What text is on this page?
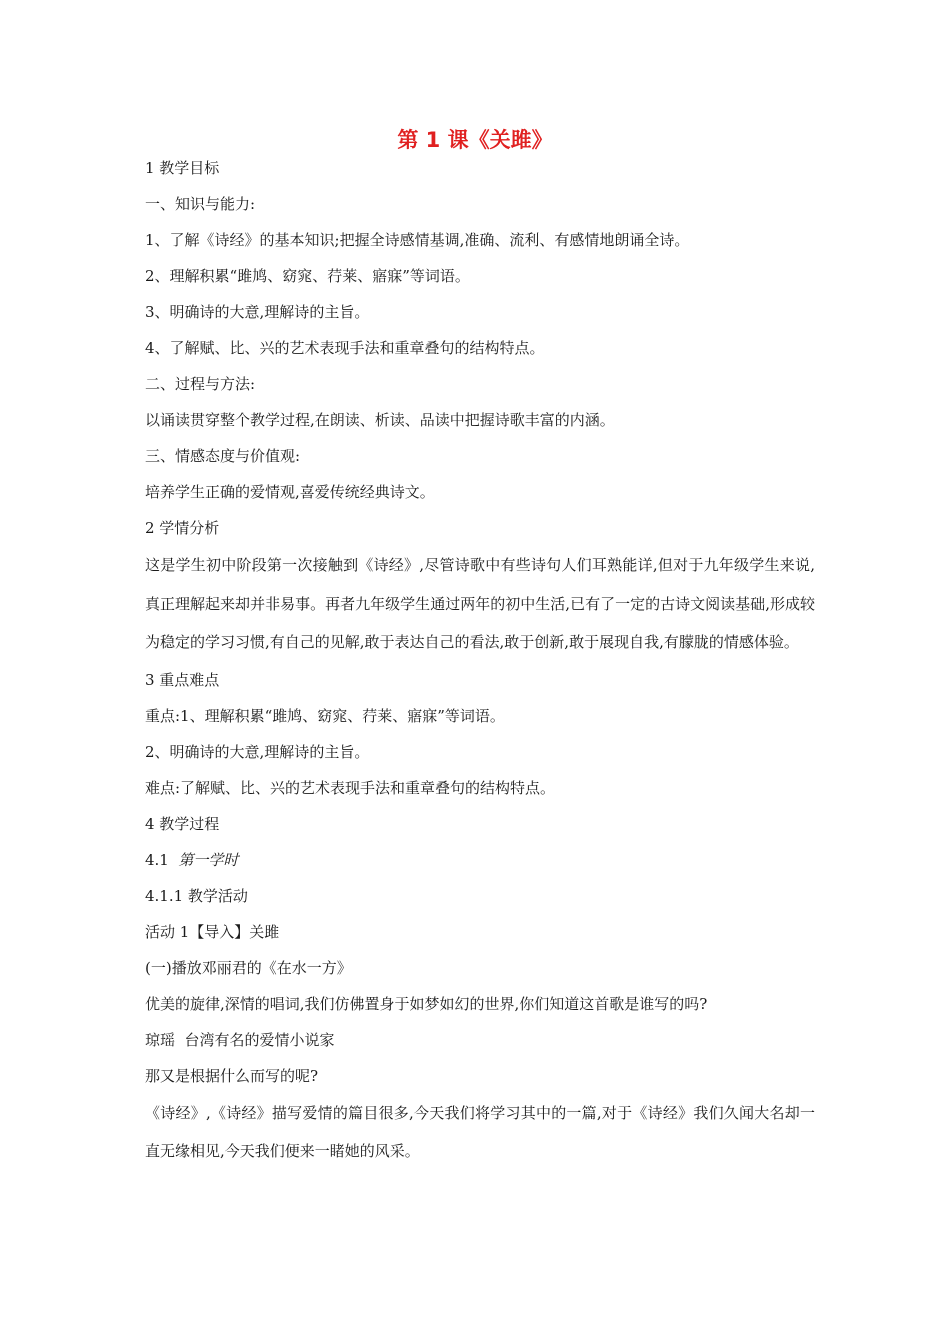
第 1 课《关雎》

1 教学目标

一、知识与能力:

1、了解《诗经》的基本知识;把握全诗感情基调,准确、流利、有感情地朗诵全诗。

2、理解积累“雎鸠、窈窕、荇莱、寤寐”等词语。

3、明确诗的大意,理解诗的主旨。

4、了解赋、比、兴的艺术表现手法和重章叠句的结构特点。

二、过程与方法:

以诵读贯穿整个教学过程,在朗读、析读、品读中把握诗歌丰富的内涵。

三、情感态度与价值观:

培养学生正确的爱情观,喜爱传统经典诗文。

2 学情分析

这是学生初中阶段第一次接触到《诗经》,尽管诗歌中有些诗句人们耳熟能详,但对于九年级学生来说,真正理解起来却并非易事。再者九年级学生通过两年的初中生活,已有了一定的古诗文阅读基础,形成较为稳定的学习习惯,有自己的见解,敢于表达自己的看法,敢于创新,敢于展现自我,有朦胧的情感体验。

3 重点难点

重点:1、理解积累“雎鸠、窈窕、荇莱、寤寐”等词语。

2、明确诗的大意,理解诗的主旨。

难点:了解赋、比、兴的艺术表现手法和重章叠句的结构特点。

4 教学过程

4.1 第一学时

4.1.1 教学活动

活动 1【导入】关雎

(一)播放邓丽君的《在水一方》

优美的旋律,深情的唱词,我们仿佛置身于如梦如幻的世界,你们知道这首歌是谁写的吗?

琼瑶  台湾有名的爱情小说家

那又是根据什么而写的呢?

《诗经》,《诗经》描写爱情的篇目很多,今天我们将学习其中的一篇,对于《诗经》我们久闻大名却一直无缘相见,今天我们便来一睹她的风采。
